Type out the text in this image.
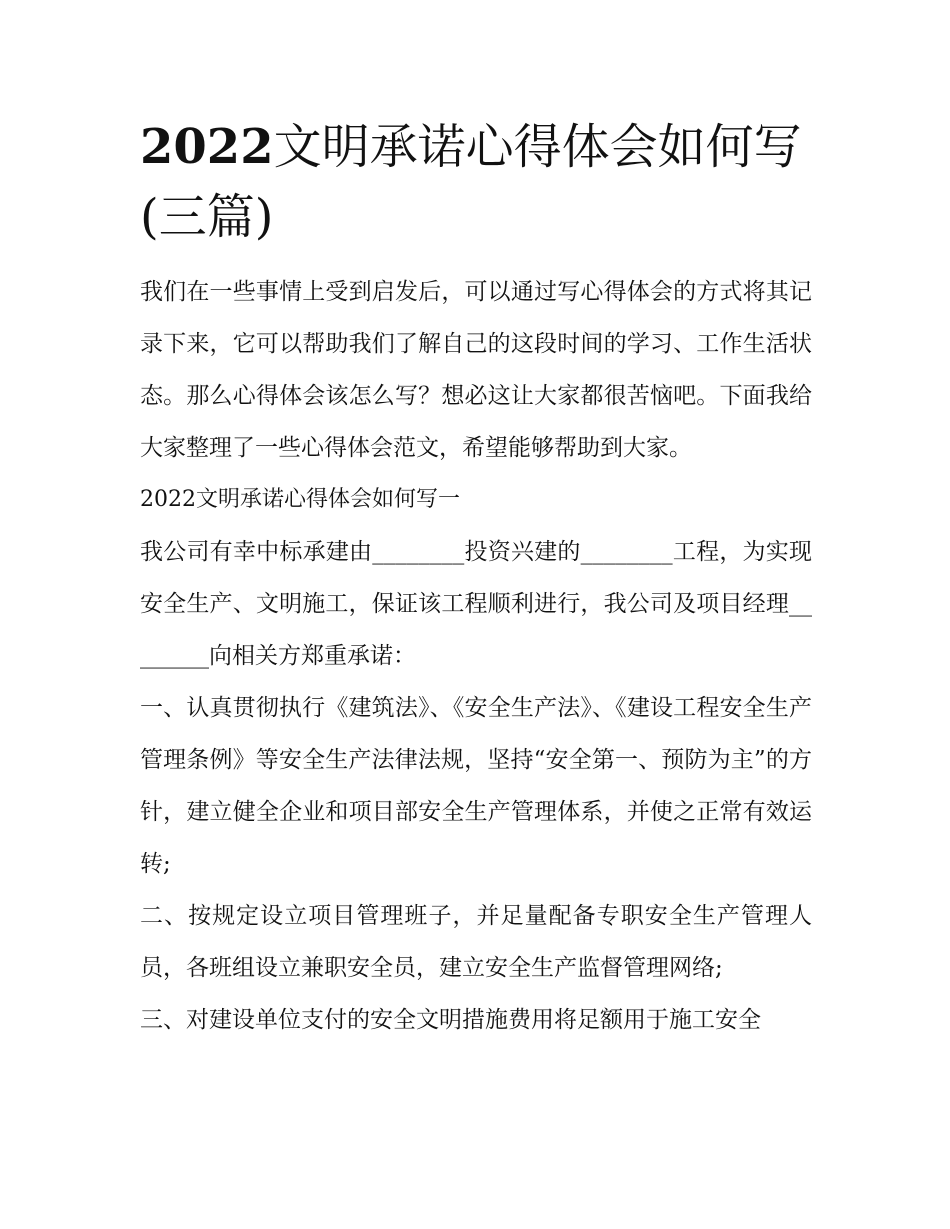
2022文明承诺心得体会如何写(三篇)

我们在一些事情上受到启发后，可以通过写心得体会的方式将其记录下来，它可以帮助我们了解自己的这段时间的学习、工作生活状态。那么心得体会该怎么写？想必这让大家都很苦恼吧。下面我给大家整理了一些心得体会范文，希望能够帮助到大家。

2022文明承诺心得体会如何写一

我公司有幸中标承建由________投资兴建的________工程，为实现安全生产、文明施工，保证该工程顺利进行，我公司及项目经理________向相关方郑重承诺：

一、认真贯彻执行《建筑法》、《安全生产法》、《建设工程安全生产管理条例》等安全生产法律法规，坚持“安全第一、预防为主”的方针，建立健全企业和项目部安全生产管理体系，并使之正常有效运转;

二、按规定设立项目管理班子，并足量配备专职安全生产管理人员，各班组设立兼职安全员，建立安全生产监督管理网络;

三、对建设单位支付的安全文明措施费用将足额用于施工安全
